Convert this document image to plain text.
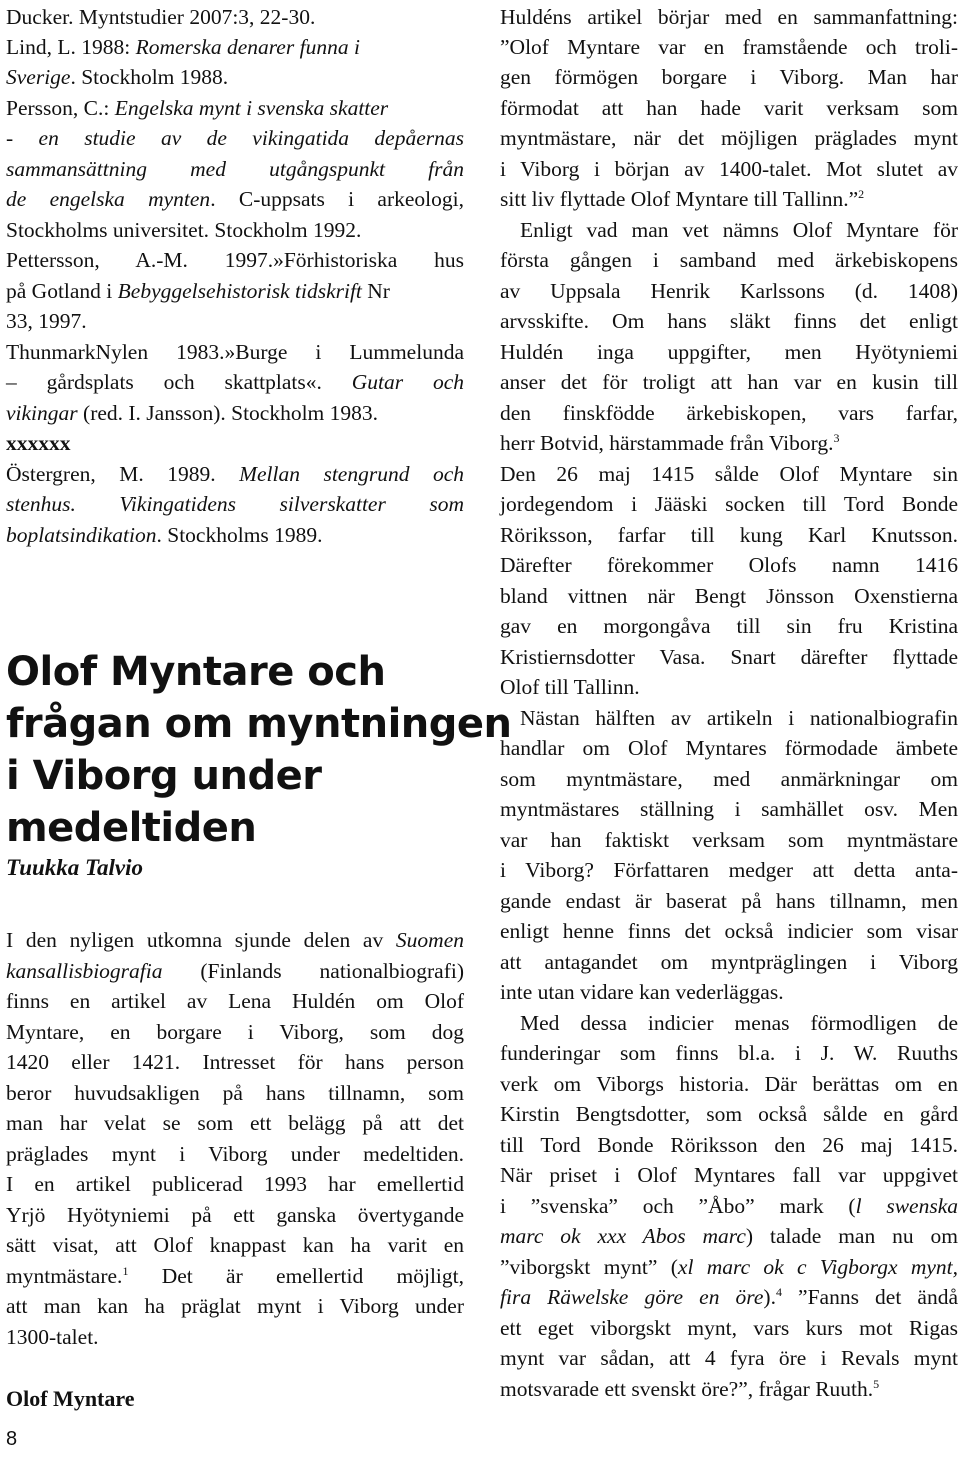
Ducker. Myntstudier 2007:3, 22-30.
Lind, L. 1988: Romerska denarer funna i
Sverige. Stockholm 1988.
Persson, C.: Engelska mynt i svenska skatter
- en studie av de vikingatida depåernas
sammansättning med utgångspunkt från
de engelska mynten. C-uppsats i arkeologi,
Stockholms universitet. Stockholm 1992.
Pettersson, A.-M. 1997.»Förhistoriska hus
på Gotland i Bebyggelsehistorisk tidskrift Nr
33, 1997.
ThunmarkNylen 1983.»Burge i Lummelunda
– gårdsplats och skattplats«. Gutar och
vikingar (red. I. Jansson). Stockholm 1983.
xxxxxx
Östergren, M. 1989. Mellan stengrund och
stenhus. Vikingatidens silverskatter som
boplatsindikation. Stockholms 1989.
Olof Myntare och
frågan om myntningen
i Viborg under
medeltiden
Tuukka Talvio
I den nyligen utkomna sjunde delen av Suomen
kansallisbiografia (Finlands nationalbiografi)
finns en artikel av Lena Huldén om Olof
Myntare, en borgare i Viborg, som dog
1420 eller 1421. Intresset för hans person
beror huvudsakligen på hans tillnamn, som
man har velat se som ett belägg på att det
präglades mynt i Viborg under medeltiden.
I en artikel publicerad 1993 har emellertid
Yrjö Hyötyniemi på ett ganska övertygande
sätt visat, att Olof knappast kan ha varit en
myntmästare.$^1$ Det är emellertid möjligt,
att man kan ha präglat mynt i Viborg under
1300-talet.
Olof Myntare
8
Huldéns artikel börjar med en sammanfattning:
”Olof Myntare var en framstående och troli-
gen förmögen borgare i Viborg. Man har
förmodat att han hade varit verksam som
myntmästare, när det möjligen präglades mynt
i Viborg i början av 1400-talet. Mot slutet av
sitt liv flyttade Olof Myntare till Tallinn.”$^2$
Enligt vad man vet nämns Olof Myntare för
första gången i samband med ärkebiskopens
av Uppsala Henrik Karlssons (d. 1408)
arvsskifte. Om hans släkt finns det enligt
Huldén inga uppgifter, men Hyötyniemi
anser det för troligt att han var en kusin till
den finskfödde ärkebiskopen, vars farfar,
herr Botvid, härstammade från Viborg.$^3$
Den 26 maj 1415 sålde Olof Myntare sin
jordegendom i Jääski socken till Tord Bonde
Röriksson, farfar till kung Karl Knutsson.
Därefter förekommer Olofs namn 1416
bland vittnen när Bengt Jönsson Oxenstierna
gav en morgongåva till sin fru Kristina
Kristiernsdotter Vasa. Snart därefter flyttade
Olof till Tallinn.
Nästan hälften av artikeln i nationalbiografin
handlar om Olof Myntares förmodade ämbete
som myntmästare, med anmärkningar om
myntmästares ställning i samhället osv. Men
var han faktiskt verksam som myntmästare
i Viborg? Författaren medger att detta anta-
gande endast är baserat på hans tillnamn, men
enligt henne finns det också indicier som visar
att antagandet om myntpräglingen i Viborg
inte utan vidare kan vederläggas.
Med dessa indicier menas förmodligen de
funderingar som finns bl.a. i J. W. Ruuths
verk om Viborgs historia. Där berättas om en
Kirstin Bengtsdotter, som också sålde en gård
till Tord Bonde Röriksson den 26 maj 1415.
När priset i Olof Myntares fall var uppgivet
i ”svenska” och ”Åbo” mark (l swenska
marc ok xxx Abos marc) talade man nu om
”viborgskt mynt” (xl marc ok c Vigborgx mynt,
fira Räwelske göre en öre).$^4$ ”Fanns det ändå
ett eget viborgskt mynt, vars kurs mot Rigas
mynt var sådan, att 4 fyra öre i Revals mynt
motsvarade ett svenskt öre?”, frågar Ruuth.$^5$
